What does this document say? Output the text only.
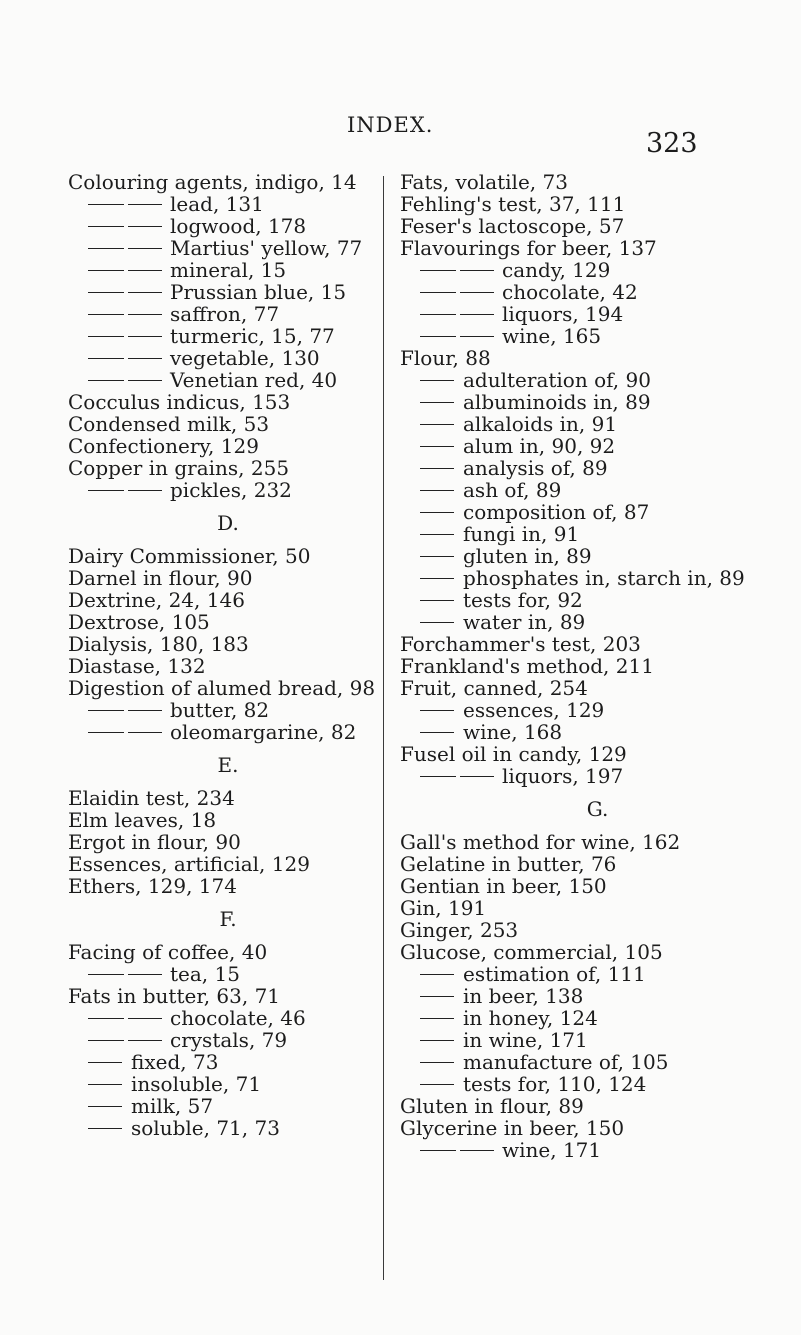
INDEX.
323
Colouring agents, indigo, 14
lead, 131
logwood, 178
Martius' yellow, 77
mineral, 15
Prussian blue, 15
saffron, 77
turmeric, 15, 77
vegetable, 130
Venetian red, 40
Cocculus indicus, 153
Condensed milk, 53
Confectionery, 129
Copper in grains, 255
pickles, 232
D.
Dairy Commissioner, 50
Darnel in flour, 90
Dextrine, 24, 146
Dextrose, 105
Dialysis, 180, 183
Diastase, 132
Digestion of alumed bread, 98
butter, 82
oleomargarine, 82
E.
Elaidin test, 234
Elm leaves, 18
Ergot in flour, 90
Essences, artificial, 129
Ethers, 129, 174
F.
Facing of coffee, 40
tea, 15
Fats in butter, 63, 71
chocolate, 46
crystals, 79
fixed, 73
insoluble, 71
milk, 57
soluble, 71, 73
Fats, volatile, 73
Fehling's test, 37, 111
Feser's lactoscope, 57
Flavourings for beer, 137
candy, 129
chocolate, 42
liquors, 194
wine, 165
Flour, 88
adulteration of, 90
albuminoids in, 89
alkaloids in, 91
alum in, 90, 92
analysis of, 89
ash of, 89
composition of, 87
fungi in, 91
gluten in, 89
phosphates in, starch in, 89
tests for, 92
water in, 89
Forchammer's test, 203
Frankland's method, 211
Fruit, canned, 254
essences, 129
wine, 168
Fusel oil in candy, 129
liquors, 197
G.
Gall's method for wine, 162
Gelatine in butter, 76
Gentian in beer, 150
Gin, 191
Ginger, 253
Glucose, commercial, 105
estimation of, 111
in beer, 138
in honey, 124
in wine, 171
manufacture of, 105
tests for, 110, 124
Gluten in flour, 89
Glycerine in beer, 150
wine, 171
